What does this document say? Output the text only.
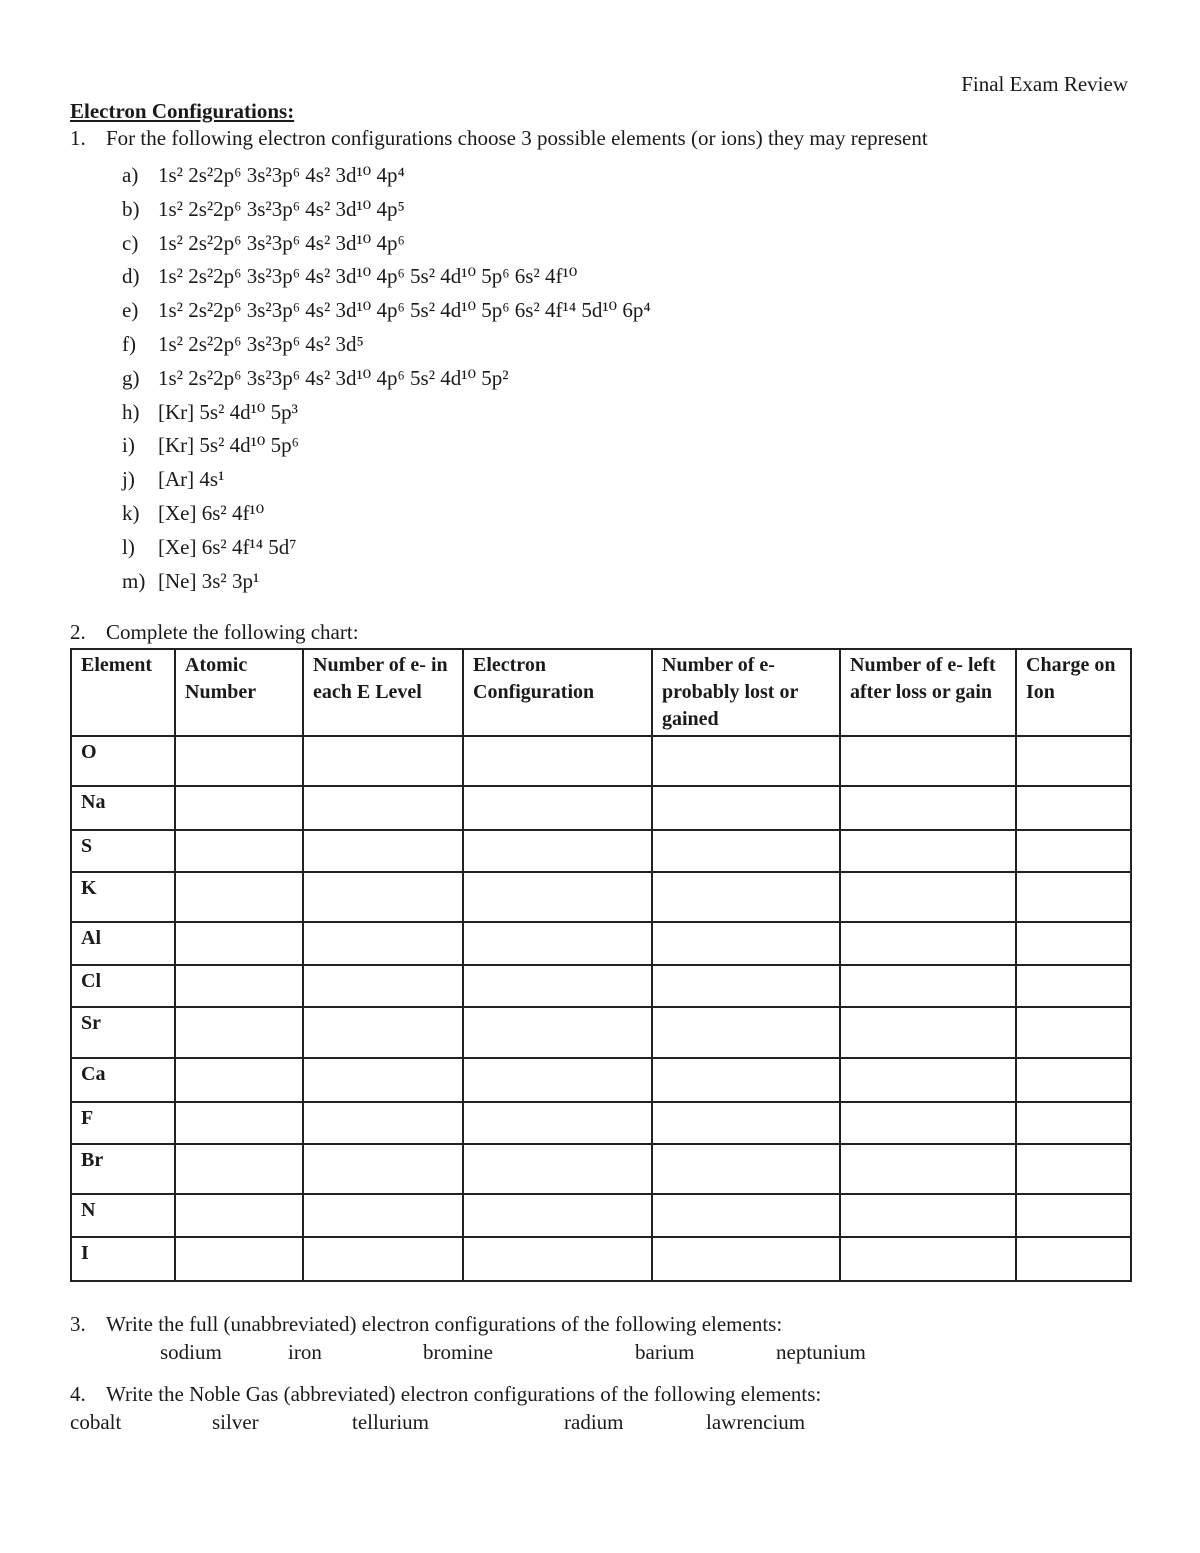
Final Exam Review
Electron Configurations:
1. For the following electron configurations choose 3 possible elements (or ions) they may represent
a) 1s² 2s²2p⁶ 3s²3p⁶ 4s² 3d¹⁰ 4p⁴
b) 1s² 2s²2p⁶ 3s²3p⁶ 4s² 3d¹⁰ 4p⁵
c) 1s² 2s²2p⁶ 3s²3p⁶ 4s² 3d¹⁰ 4p⁶
d) 1s² 2s²2p⁶ 3s²3p⁶ 4s² 3d¹⁰ 4p⁶ 5s² 4d¹⁰ 5p⁶ 6s² 4f¹⁰
e) 1s² 2s²2p⁶ 3s²3p⁶ 4s² 3d¹⁰ 4p⁶ 5s² 4d¹⁰ 5p⁶ 6s² 4f¹⁴ 5d¹⁰ 6p⁴
f) 1s² 2s²2p⁶ 3s²3p⁶ 4s² 3d⁵
g) 1s² 2s²2p⁶ 3s²3p⁶ 4s² 3d¹⁰ 4p⁶ 5s² 4d¹⁰ 5p²
h) [Kr] 5s² 4d¹⁰ 5p³
i) [Kr] 5s² 4d¹⁰ 5p⁶
j) [Ar] 4s¹
k) [Xe] 6s² 4f¹⁰
l) [Xe] 6s² 4f¹⁴ 5d⁷
m) [Ne] 3s² 3p¹
2. Complete the following chart:
Element	Atomic Number	Number of e- in each E Level	Electron Configuration	Number of e- probably lost or gained	Number of e- left after loss or gain	Charge on Ion
O						
Na						
S						
K						
Al						
Cl						
Sr						
Ca						
F						
Br						
N						
I						
3. Write the full (unabbreviated) electron configurations of the following elements:
sodium	iron	bromine	barium	neptunium
4. Write the Noble Gas (abbreviated) electron configurations of the following elements:
cobalt	silver	tellurium	radium	lawrencium
